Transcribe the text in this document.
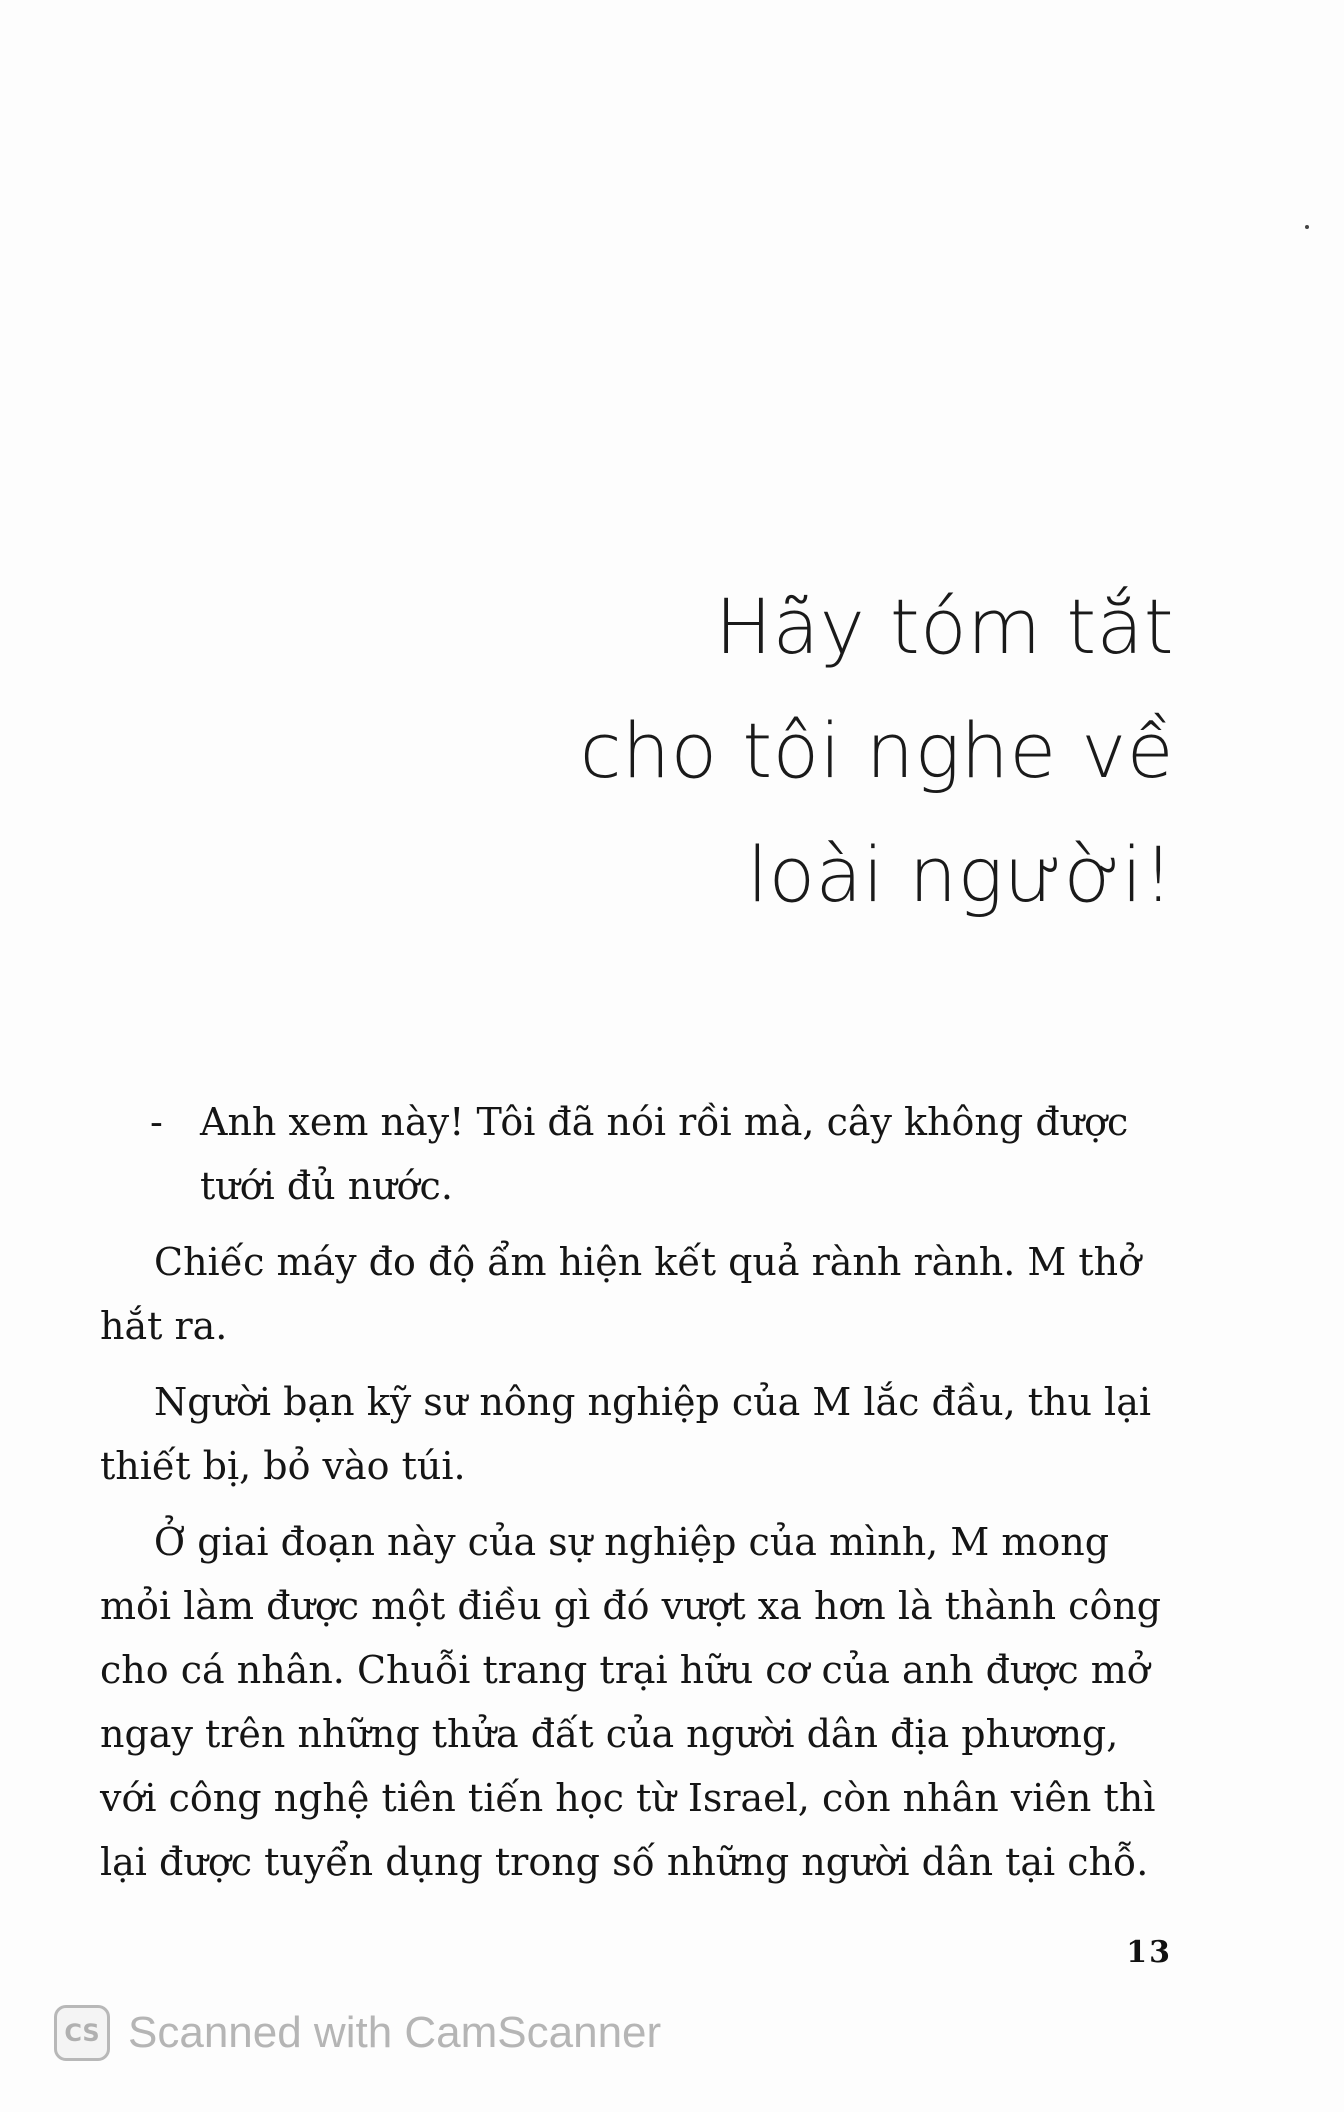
Hãy tóm tắt
cho tôi nghe về
loài người!
- Anh xem này! Tôi đã nói rồi mà, cây không được tưới đủ nước.

Chiếc máy đo độ ẩm hiện kết quả rành rành. M thở hắt ra.

Người bạn kỹ sư nông nghiệp của M lắc đầu, thu lại thiết bị, bỏ vào túi.

Ở giai đoạn này của sự nghiệp của mình, M mong mỏi làm được một điều gì đó vượt xa hơn là thành công cho cá nhân. Chuỗi trang trại hữu cơ của anh được mở ngay trên những thửa đất của người dân địa phương, với công nghệ tiên tiến học từ Israel, còn nhân viên thì lại được tuyển dụng trong số những người dân tại chỗ.

13
CS Scanned with CamScanner
